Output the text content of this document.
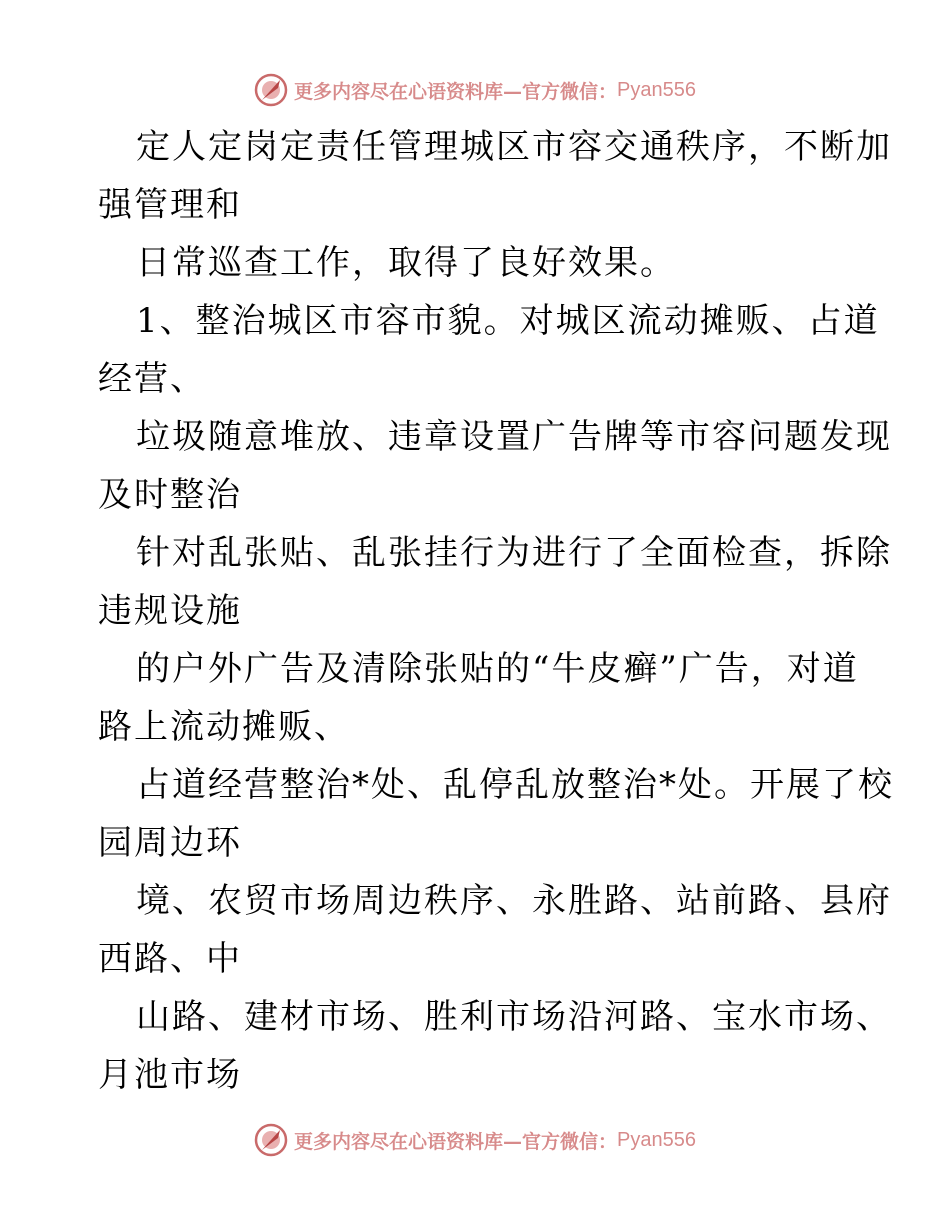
更多内容尽在心语资料库—官方微信： Pyan556
定人定岗定责任管理城区市容交通秩序，不断加
强管理和
日常巡查工作，取得了良好效果。
1、整治城区市容市貌。对城区流动摊贩、占道
经营、
垃圾随意堆放、违章设置广告牌等市容问题发现
及时整治
针对乱张贴、乱张挂行为进行了全面检查，拆除
违规设施
的户外广告及清除张贴的“牛皮癣”广告，对道
路上流动摊贩、
占道经营整治*处、乱停乱放整治*处。开展了校
园周边环
境、农贸市场周边秩序、永胜路、站前路、县府
西路、中
山路、建材市场、胜利市场沿河路、宝水市场、
月池市场
更多内容尽在心语资料库—官方微信： Pyan556
